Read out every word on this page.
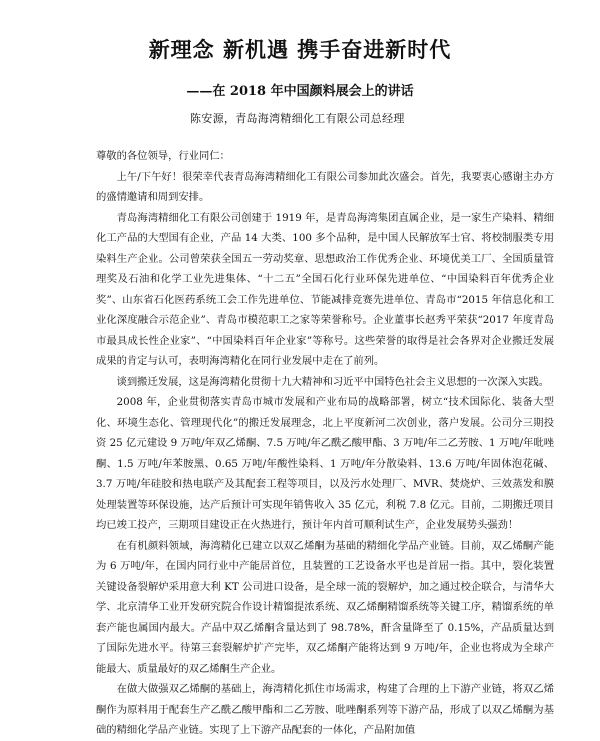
新理念 新机遇 携手奋进新时代
——在 2018 年中国颜料展会上的讲话
陈安源，青岛海湾精细化工有限公司总经理

尊敬的各位领导，行业同仁：

上午/下午好！很荣幸代表青岛海湾精细化工有限公司参加此次盛会。首先，我要衷心感谢主办方的盛情邀请和周到安排。

青岛海湾精细化工有限公司创建于 1919 年，是青岛海湾集团直属企业，是一家生产染料、精细化工产品的大型国有企业，产品 14 大类、100 多个品种，是中国人民解放军士官、将校制服类专用染料生产企业。公司曾荣获全国五一劳动奖章、思想政治工作优秀企业、环境优美工厂、全国质量管理奖及石油和化学工业先进集体、“十二五”全国石化行业环保先进单位、“中国染料百年优秀企业奖”、山东省石化医药系统工会工作先进单位、节能减排竞赛先进单位、青岛市“2015 年信息化和工业化深度融合示范企业”、青岛市模范职工之家等荣誉称号。企业董事长赵秀平荣获“2017 年度青岛市最具成长性企业家”、“中国染料百年企业家”等称号。这些荣誉的取得是社会各界对企业搬迁发展成果的肯定与认可，表明海湾精化在同行业发展中走在了前列。

谈到搬迁发展，这是海湾精化贯彻十九大精神和习近平中国特色社会主义思想的一次深入实践。

2008 年，企业贯彻落实青岛市城市发展和产业布局的战略部署，树立“技术国际化、装备大型化、环境生态化、管理现代化”的搬迁发展理念，北上平度新河二次创业，落户发展。公司分三期投资 25 亿元建设 9 万吨/年双乙烯酮、7.5 万吨/年乙酰乙酸甲酯、3 万吨/年二乙芳胺、1 万吨/年吡唑酮、1.5 万吨/年苯胺黑、0.65 万吨/年酸性染料、1 万吨/年分散染料、13.6 万吨/年固体泡花碱、3.7 万吨/年硅胶和热电联产及其配套工程等项目，以及污水处理厂、MVR、焚烧炉、三效蒸发和膜处理装置等环保设施，达产后预计可实现年销售收入 35 亿元，利税 7.8 亿元。目前，二期搬迁项目均已竣工投产，三期项目建设正在火热进行，预计年内首可顺利试生产，企业发展势头强劲！

在有机颜料领域，海湾精化已建立以双乙烯酮为基础的精细化学品产业链。目前，双乙烯酮产能为 6 万吨/年，在国内同行业中产能居首位，且装置的工艺设备水平也是首屈一指。其中，裂化装置关键设备裂解炉采用意大利 KT 公司进口设备，是全球一流的裂解炉，加之通过校企联合，与清华大学、北京清华工业开发研究院合作设计精馏提浓系统、双乙烯酮精馏系统等关键工序，精馏系统的单套产能也属国内最大。产品中双乙烯酮含量达到了 98.78%，酐含量降至了 0.15%，产品质量达到了国际先进水平。待第三套裂解炉扩产完毕，双乙烯酮产能将达到 9 万吨/年，企业也将成为全球产能最大、质量最好的双乙烯酮生产企业。

在做大做强双乙烯酮的基础上，海湾精化抓住市场需求，构建了合理的上下游产业链，将双乙烯酮作为原料用于配套生产乙酰乙酸甲酯和二乙芳胺、吡唑酮系列等下游产品，形成了以双乙烯酮为基础的精细化学品产业链。实现了上下游产品配套的一体化，产品附加值
